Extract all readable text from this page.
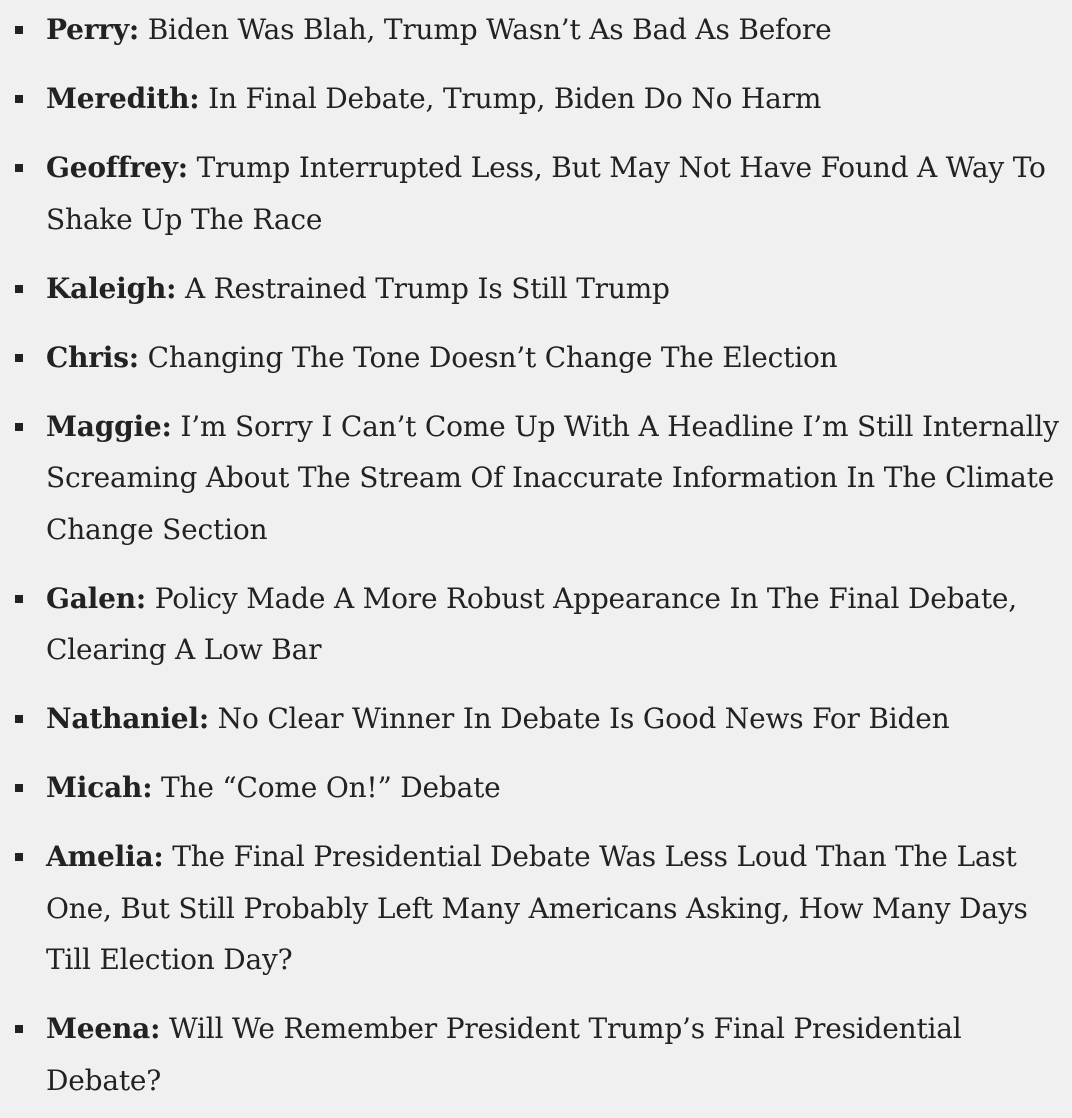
Perry: Biden Was Blah, Trump Wasn’t As Bad As Before
Meredith: In Final Debate, Trump, Biden Do No Harm
Geoffrey: Trump Interrupted Less, But May Not Have Found A Way To Shake Up The Race
Kaleigh: A Restrained Trump Is Still Trump
Chris: Changing The Tone Doesn’t Change The Election
Maggie: I’m Sorry I Can’t Come Up With A Headline I’m Still Internally Screaming About The Stream Of Inaccurate Information In The Climate Change Section
Galen: Policy Made A More Robust Appearance In The Final Debate, Clearing A Low Bar
Nathaniel: No Clear Winner In Debate Is Good News For Biden
Micah: The “Come On!” Debate
Amelia: The Final Presidential Debate Was Less Loud Than The Last One, But Still Probably Left Many Americans Asking, How Many Days Till Election Day?
Meena: Will We Remember President Trump’s Final Presidential Debate?
